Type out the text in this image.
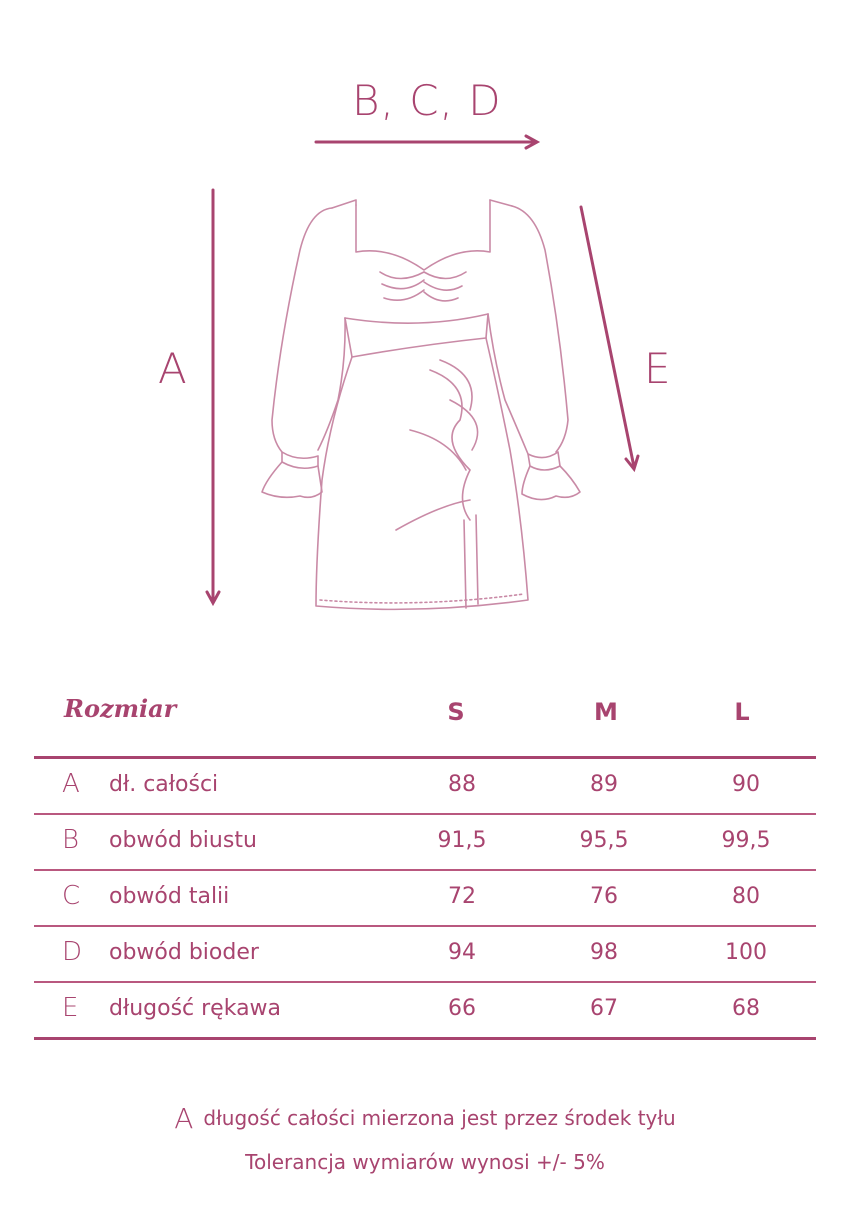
B, C, D
A	E
Rozmiar	S	M	L
A dł. całości	88	89	90
B obwód biustu	91,5	95,5	99,5
C obwód talii	72	76	80
D obwód bioder	94	98	100
E długość rękawa	66	67	68
A długość całości mierzona jest przez środek tyłu
Tolerancja wymiarów wynosi +/- 5%
